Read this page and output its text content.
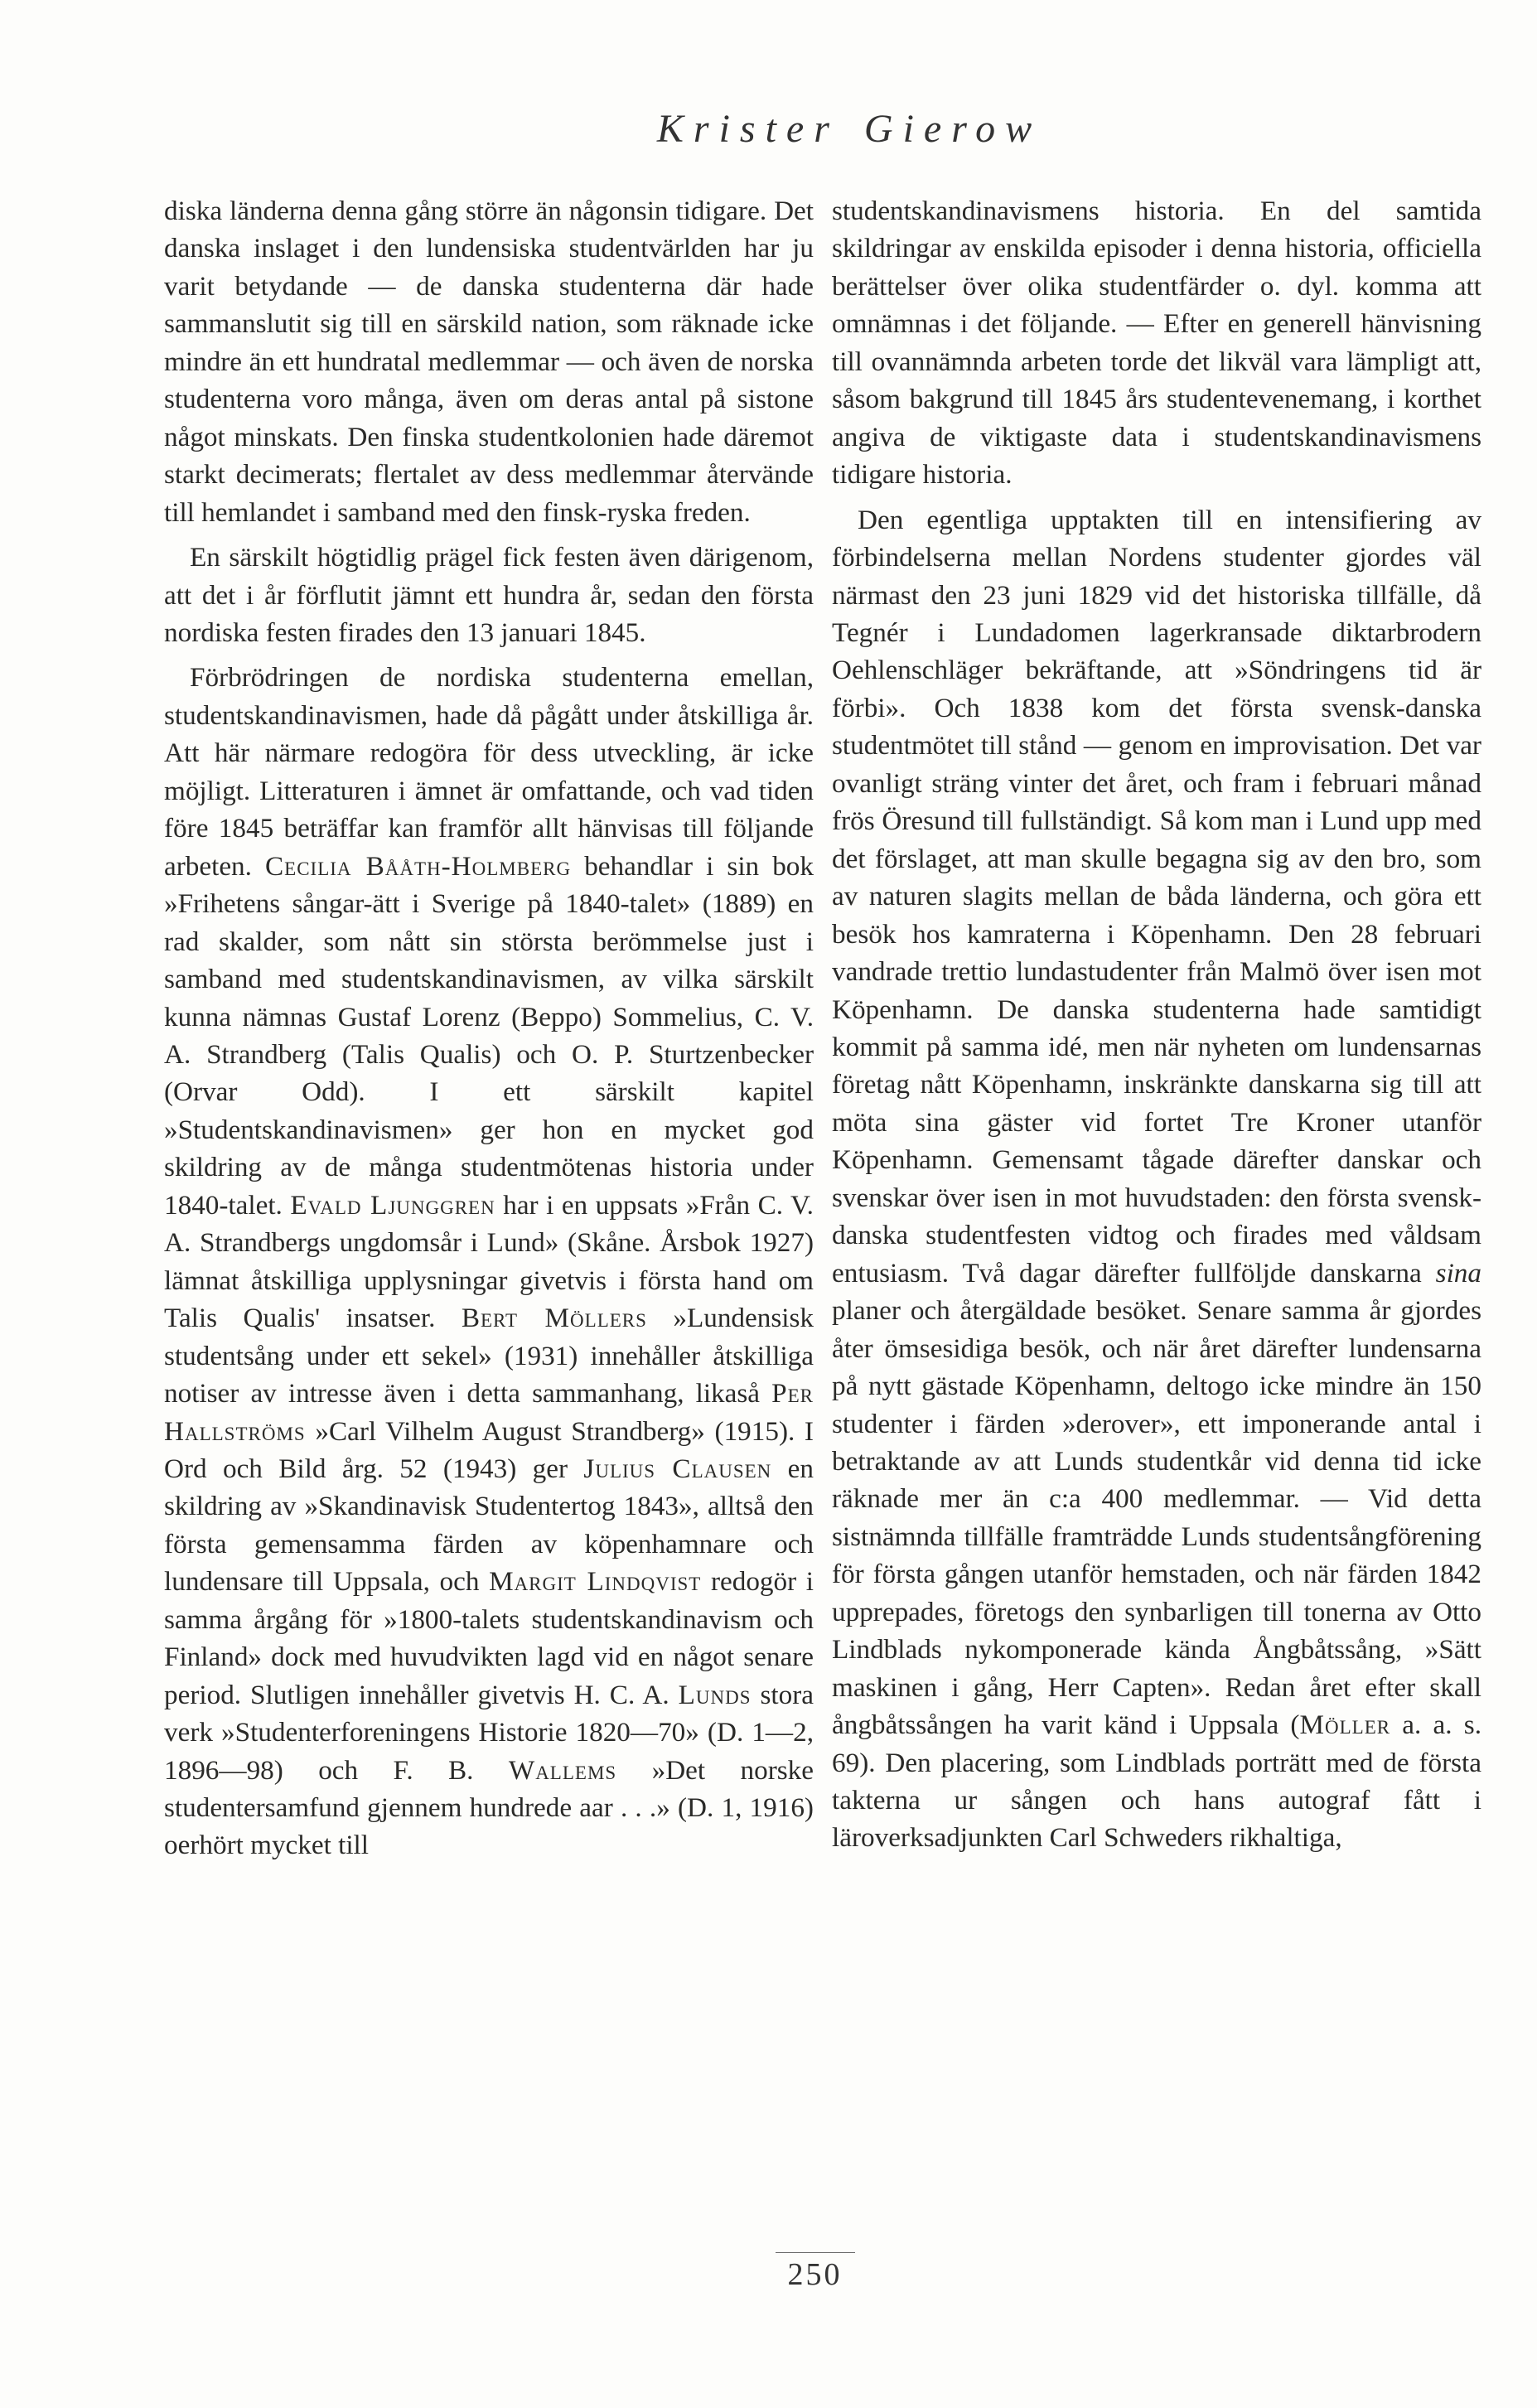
Krister Gierow

diska länderna denna gång större än någonsin tidigare. Det danska inslaget i den lundensiska studentvärlden har ju varit betydande — de danska studenterna där hade sammanslutit sig till en särskild nation, som räknade icke mindre än ett hundratal medlemmar — och även de norska studenterna voro många, även om deras antal på sistone något minskats. Den finska studentkolonien hade däremot starkt decimerats; flertalet av dess medlemmar återvände till hemlandet i samband med den finsk-ryska freden.

En särskilt högtidlig prägel fick festen även därigenom, att det i år förflutit jämnt ett hundra år, sedan den första nordiska festen firades den 13 januari 1845.

Förbrödringen de nordiska studenterna emellan, studentskandinavismen, hade då pågått under åtskilliga år. Att här närmare redogöra för dess utveckling, är icke möjligt. Litteraturen i ämnet är omfattande, och vad tiden före 1845 beträffar kan framför allt hänvisas till följande arbeten. Cecilia Bååth-Holmberg behandlar i sin bok »Frihetens sångar-ätt i Sverige på 1840-talet» (1889) en rad skalder, som nått sin största berömmelse just i samband med studentskandinavismen, av vilka särskilt kunna nämnas Gustaf Lorenz (Beppo) Sommelius, C. V. A. Strandberg (Talis Qualis) och O. P. Sturtzenbecker (Orvar Odd). I ett särskilt kapitel »Studentskandinavismen» ger hon en mycket god skildring av de många studentmötenas historia under 1840-talet. Evald Ljunggren har i en uppsats »Från C. V. A. Strandbergs ungdomsår i Lund» (Skåne. Årsbok 1927) lämnat åtskilliga upplysningar givetvis i första hand om Talis Qualis' insatser. Bert Möllers »Lundensisk studentsång under ett sekel» (1931) innehåller åtskilliga notiser av intresse även i detta sammanhang, likaså Per Hallströms »Carl Vilhelm August Strandberg» (1915). I Ord och Bild årg. 52 (1943) ger Julius Clausen en skildring av »Skandinavisk Studentertog 1843», alltså den första gemensamma färden av köpenhamnare och lundensare till Uppsala, och Margit Lindqvist redogör i samma årgång för »1800-talets studentskandinavism och Finland» dock med huvudvikten lagd vid en något senare period. Slutligen innehåller givetvis H. C. A. Lunds stora verk »Studenterforeningens Historie 1820—70» (D. 1—2, 1896—98) och F. B. Wallems »Det norske studentersamfund gjennem hundrede aar . . .» (D. 1, 1916) oerhört mycket till

studentskandinavismens historia. En del samtida skildringar av enskilda episoder i denna historia, officiella berättelser över olika studentfärder o. dyl. komma att omnämnas i det följande. — Efter en generell hänvisning till ovannämnda arbeten torde det likväl vara lämpligt att, såsom bakgrund till 1845 års studentevenemang, i korthet angiva de viktigaste data i studentskandinavismens tidigare historia.

Den egentliga upptakten till en intensifiering av förbindelserna mellan Nordens studenter gjordes väl närmast den 23 juni 1829 vid det historiska tillfälle, då Tegnér i Lundadomen lagerkransade diktarbrodern Oehlenschläger bekräftande, att »Söndringens tid är förbi». Och 1838 kom det första svensk-danska studentmötet till stånd — genom en improvisation. Det var ovanligt sträng vinter det året, och fram i februari månad frös Öresund till fullständigt. Så kom man i Lund upp med det förslaget, att man skulle begagna sig av den bro, som av naturen slagits mellan de båda länderna, och göra ett besök hos kamraterna i Köpenhamn. Den 28 februari vandrade trettio lundastudenter från Malmö över isen mot Köpenhamn. De danska studenterna hade samtidigt kommit på samma idé, men när nyheten om lundensarnas företag nått Köpenhamn, inskränkte danskarna sig till att möta sina gäster vid fortet Tre Kroner utanför Köpenhamn. Gemensamt tågade därefter danskar och svenskar över isen in mot huvudstaden: den första svensk-danska studentfesten vidtog och firades med våldsam entusiasm. Två dagar därefter fullföljde danskarna sina planer och återgäldade besöket. Senare samma år gjordes åter ömsesidiga besök, och när året därefter lundensarna på nytt gästade Köpenhamn, deltogo icke mindre än 150 studenter i färden »derover», ett imponerande antal i betraktande av att Lunds studentkår vid denna tid icke räknade mer än c:a 400 medlemmar. — Vid detta sistnämnda tillfälle framträdde Lunds studentsångförening för första gången utanför hemstaden, och när färden 1842 upprepades, företogs den synbarligen till tonerna av Otto Lindblads nykomponerade kända Ångbåtssång, »Sätt maskinen i gång, Herr Capten». Redan året efter skall ångbåtssången ha varit känd i Uppsala (Möller a. a. s. 69). Den placering, som Lindblads porträtt med de första takterna ur sången och hans autograf fått i läroverksadjunkten Carl Schweders rikhaltiga,

250
